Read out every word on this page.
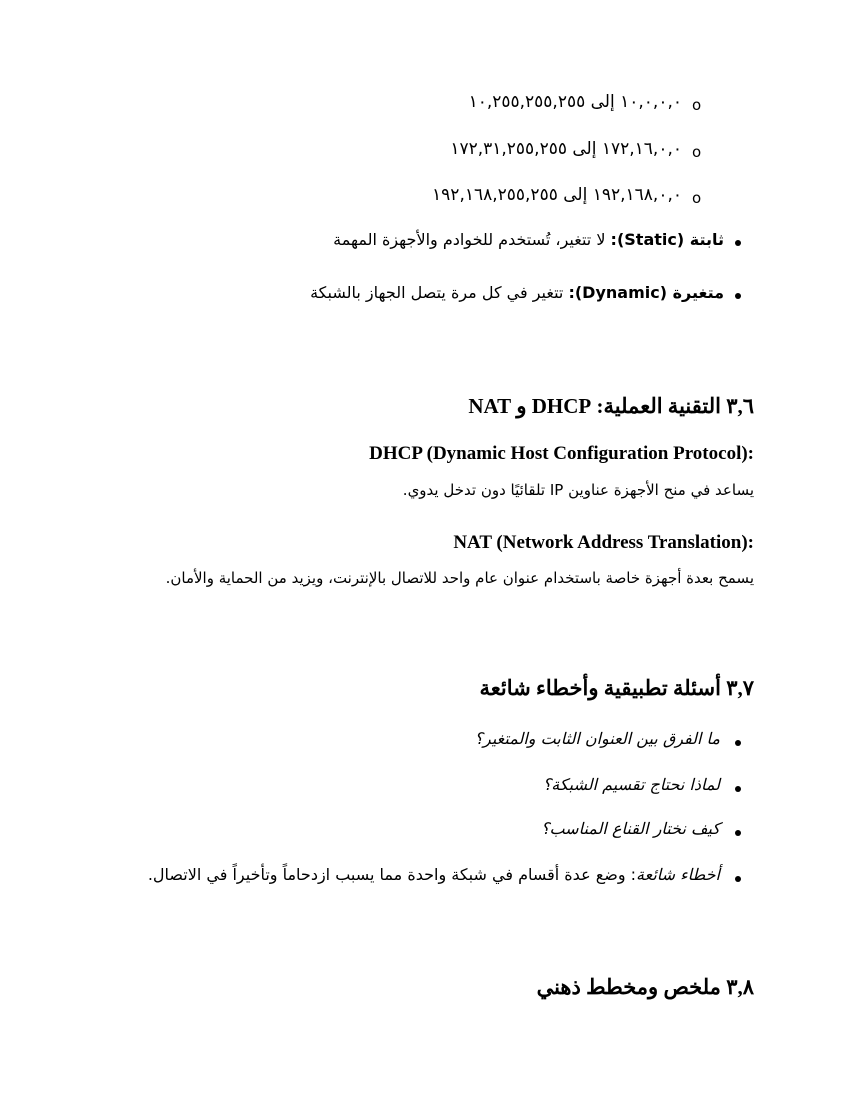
o
١٠,٠,٠,٠ إلى ١٠,٢٥٥,٢٥٥,٢٥٥
o
١٧٢,١٦,٠,٠ إلى ١٧٢,٣١,٢٥٥,٢٥٥
o
١٩٢,١٦٨,٠,٠ إلى ١٩٢,١٦٨,٢٥٥,٢٥٥
ثابتة (Static): لا تتغير، تُستخدم للخوادم والأجهزة المهمة
متغيرة (Dynamic): تتغير في كل مرة يتصل الجهاز بالشبكة
٣,٦ التقنية العملية: DHCP و NAT
DHCP (Dynamic Host Configuration Protocol):
يساعد في منح الأجهزة عناوين IP تلقائيًا دون تدخل يدوي.
NAT (Network Address Translation):
يسمح بعدة أجهزة خاصة باستخدام عنوان عام واحد للاتصال بالإنترنت، ويزيد من الحماية والأمان.
٣,٧ أسئلة تطبيقية وأخطاء شائعة
ما الفرق بين العنوان الثابت والمتغير؟
لماذا نحتاج تقسيم الشبكة؟
كيف نختار القناع المناسب؟
أخطاء شائعة: وضع عدة أقسام في شبكة واحدة مما يسبب ازدحاماً وتأخيراً في الاتصال.
٣,٨ ملخص ومخطط ذهني
